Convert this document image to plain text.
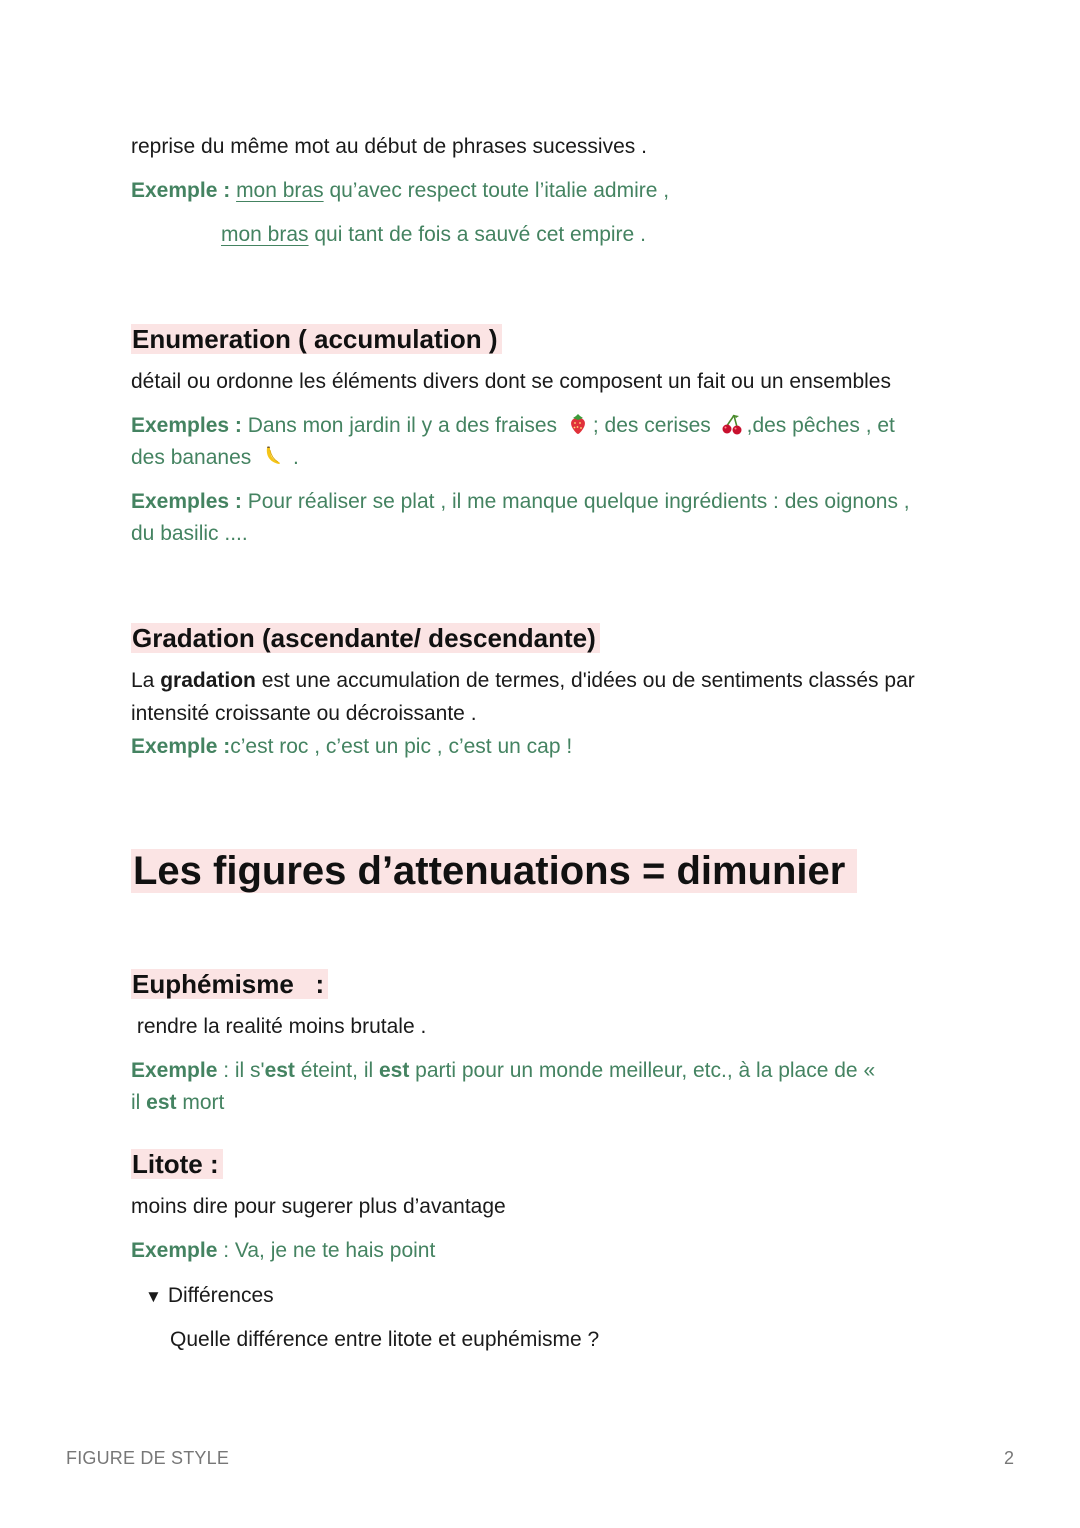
reprise du même mot au début de phrases sucessives .
Exemple : mon bras qu’avec respect toute l’italie admire ,
mon bras qui tant de fois a sauvé cet empire .
Enumeration ( accumulation )
détail ou ordonne les éléments divers dont se composent un fait ou un ensembles
Exemples : Dans mon jardin il y a des fraises ; des cerises ,des pêches , et
des bananes  .
Exemples : Pour réaliser se plat , il me manque quelque ingrédients : des oignons ,
du basilic ....
Gradation (ascendante/ descendante)
La gradation est une accumulation de termes, d'idées ou de sentiments classés par
intensité croissante ou décroissante .
Exemple :c’est roc , c’est un pic , c’est un cap !
Les figures d’attenuations = dimunier
Euphémisme   :
rendre la realité moins brutale .
Exemple : il s'est éteint, il est parti pour un monde meilleur, etc., à la place de «
il est mort
Litote :
moins dire pour sugerer plus d’avantage
Exemple : Va, je ne te hais point
▼ Différences
Quelle différence entre litote et euphémisme ?
FIGURE DE STYLE	2
